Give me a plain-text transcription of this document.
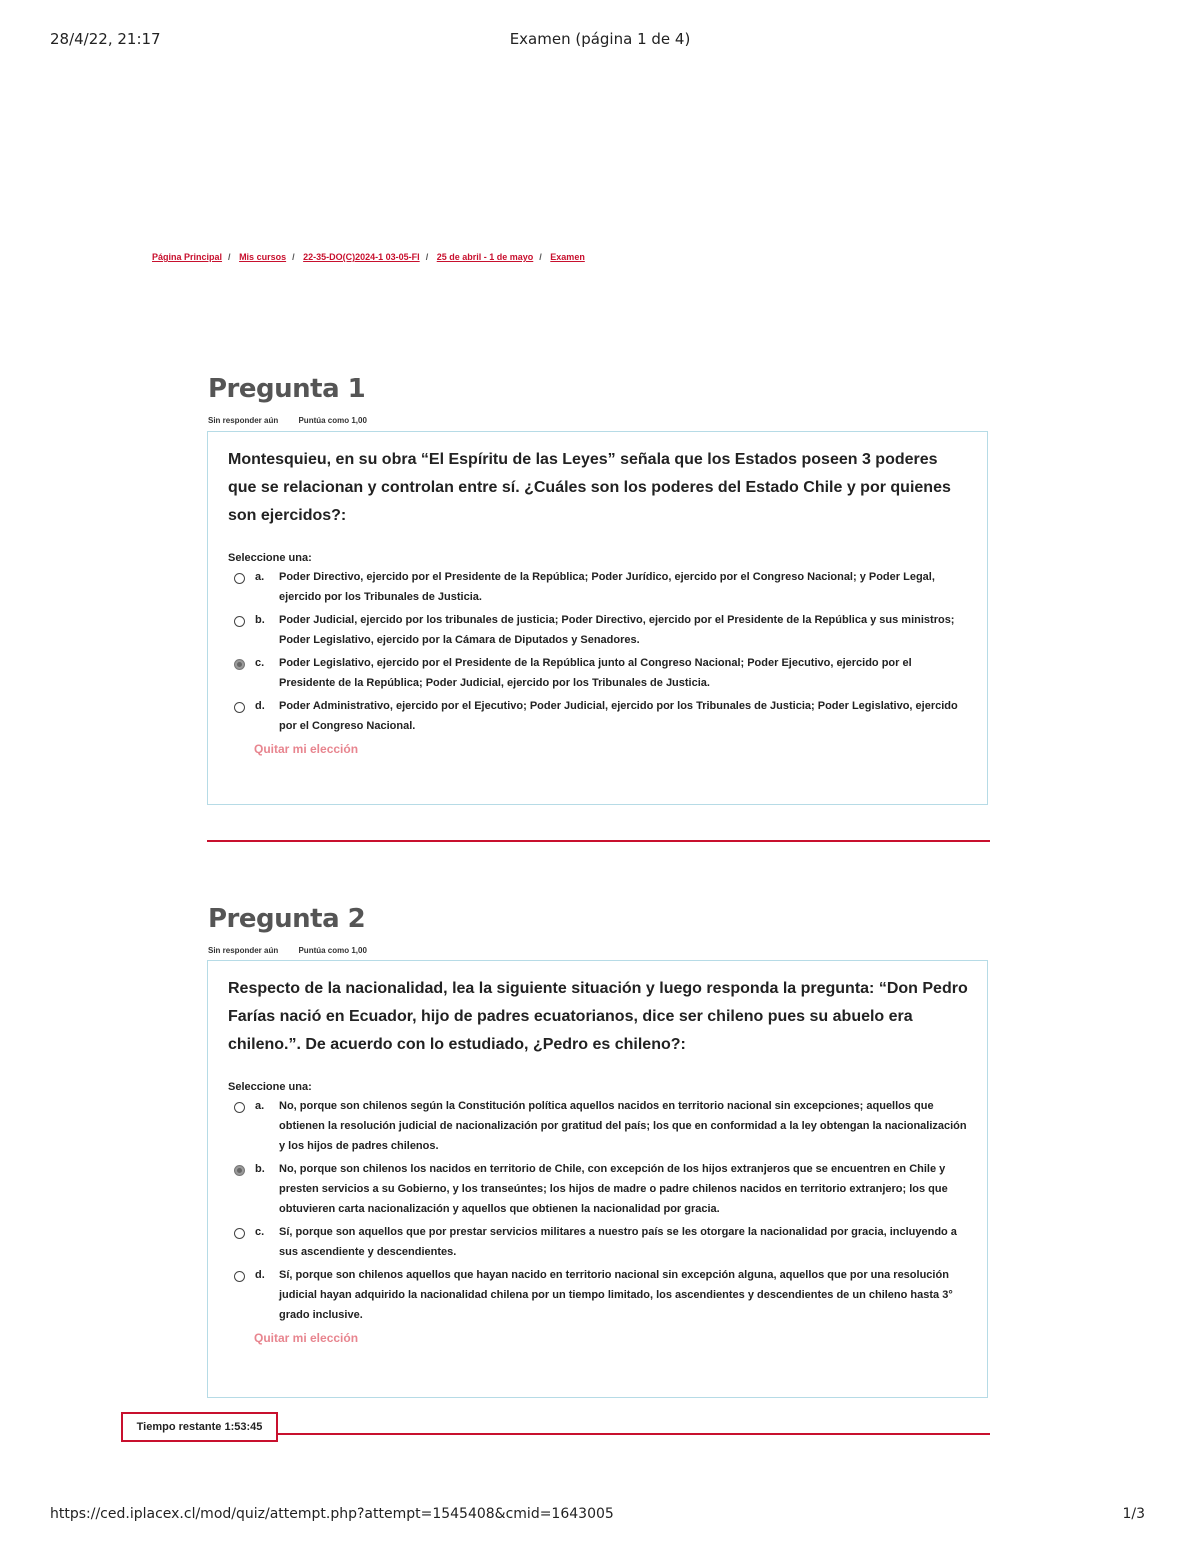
28/4/22, 21:17	Examen (página 1 de 4)
Página Principal / Mis cursos / 22-35-DO(C)2024-1 03-05-FI / 25 de abril - 1 de mayo / Examen
Pregunta 1
Sin responder aún	Puntúa como 1,00
Montesquieu, en su obra “El Espíritu de las Leyes” señala que los Estados poseen 3 poderes que se relacionan y controlan entre sí. ¿Cuáles son los poderes del Estado Chile y por quienes son ejercidos?:
Seleccione una:
a.	Poder Directivo, ejercido por el Presidente de la República; Poder Jurídico, ejercido por el Congreso Nacional; y Poder Legal, ejercido por los Tribunales de Justicia.
b.	Poder Judicial, ejercido por los tribunales de justicia; Poder Directivo, ejercido por el Presidente de la República y sus ministros; Poder Legislativo, ejercido por la Cámara de Diputados y Senadores.
c.	Poder Legislativo, ejercido por el Presidente de la República junto al Congreso Nacional; Poder Ejecutivo, ejercido por el Presidente de la República; Poder Judicial, ejercido por los Tribunales de Justicia.
d.	Poder Administrativo, ejercido por el Ejecutivo; Poder Judicial, ejercido por los Tribunales de Justicia; Poder Legislativo, ejercido por el Congreso Nacional.
Quitar mi elección
Pregunta 2
Sin responder aún	Puntúa como 1,00
Respecto de la nacionalidad, lea la siguiente situación y luego responda la pregunta: “Don Pedro Farías nació en Ecuador, hijo de padres ecuatorianos, dice ser chileno pues su abuelo era chileno.”. De acuerdo con lo estudiado, ¿Pedro es chileno?:
Seleccione una:
a.	No, porque son chilenos según la Constitución política aquellos nacidos en territorio nacional sin excepciones; aquellos que obtienen la resolución judicial de nacionalización por gratitud del país; los que en conformidad a la ley obtengan la nacionalización y los hijos de padres chilenos.
b.	No, porque son chilenos los nacidos en territorio de Chile, con excepción de los hijos extranjeros que se encuentren en Chile y presten servicios a su Gobierno, y los transeúntes; los hijos de madre o padre chilenos nacidos en territorio extranjero; los que obtuvieren carta nacionalización y aquellos que obtienen la nacionalidad por gracia.
c.	Sí, porque son aquellos que por prestar servicios militares a nuestro país se les otorgare la nacionalidad por gracia, incluyendo a sus ascendiente y descendientes.
d.	Sí, porque son chilenos aquellos que hayan nacido en territorio nacional sin excepción alguna, aquellos que por una resolución judicial hayan adquirido la nacionalidad chilena por un tiempo limitado, los ascendientes y descendientes de un chileno hasta 3° grado inclusive.
Quitar mi elección
Tiempo restante 1:53:45
https://ced.iplacex.cl/mod/quiz/attempt.php?attempt=1545408&cmid=1643005	1/3
